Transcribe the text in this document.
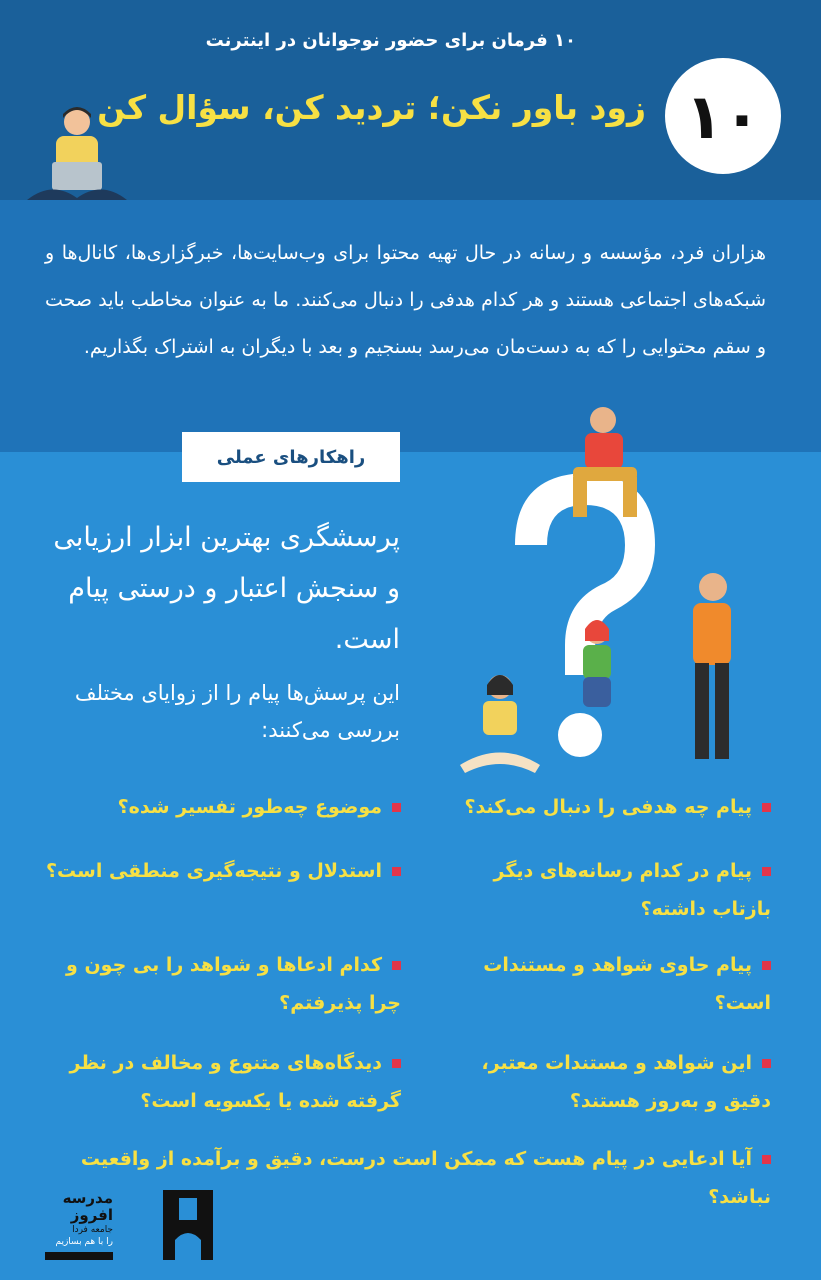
۱۰ فرمان برای حضور نوجوانان در اینترنت
زود باور نکن؛ تردید کن، سؤال کن ۱۰

هزاران فرد، مؤسسه و رسانه در حال تهیه محتوا برای وب‌سایت‌ها، خبرگزاری‌ها، کانال‌ها و شبکه‌های اجتماعی هستند و هر کدام هدفی را دنبال می‌کنند. ما به عنوان مخاطب باید صحت و سقم محتوایی را که به دست‌مان می‌رسد بسنجیم و بعد با دیگران به اشتراک بگذاریم.

راهکارهای عملی

پرسشگری بهترین ابزار ارزیابی و سنجش اعتبار و درستی پیام است.

این پرسش‌ها پیام را از زوایای مختلف بررسی می‌کنند:

پیام چه هدفی را دنبال می‌کند؟
موضوع چه‌طور تفسیر شده؟
پیام در کدام رسانه‌های دیگر بازتاب داشته؟
استدلال و نتیجه‌گیری منطقی است؟
پیام حاوی شواهد و مستندات است؟
کدام ادعاها و شواهد را بی چون و چرا پذیرفتم؟
این شواهد و مستندات معتبر، دقیق و به‌روز هستند؟
دیدگاه‌های متنوع و مخالف در نظر گرفته شده یا یکسویه است؟
آیا ادعایی در پیام هست که ممکن است درست، دقیق و برآمده از واقعیت نباشد؟
مدرسه
افروز
جامعه فردا
را با هم بسازیم
